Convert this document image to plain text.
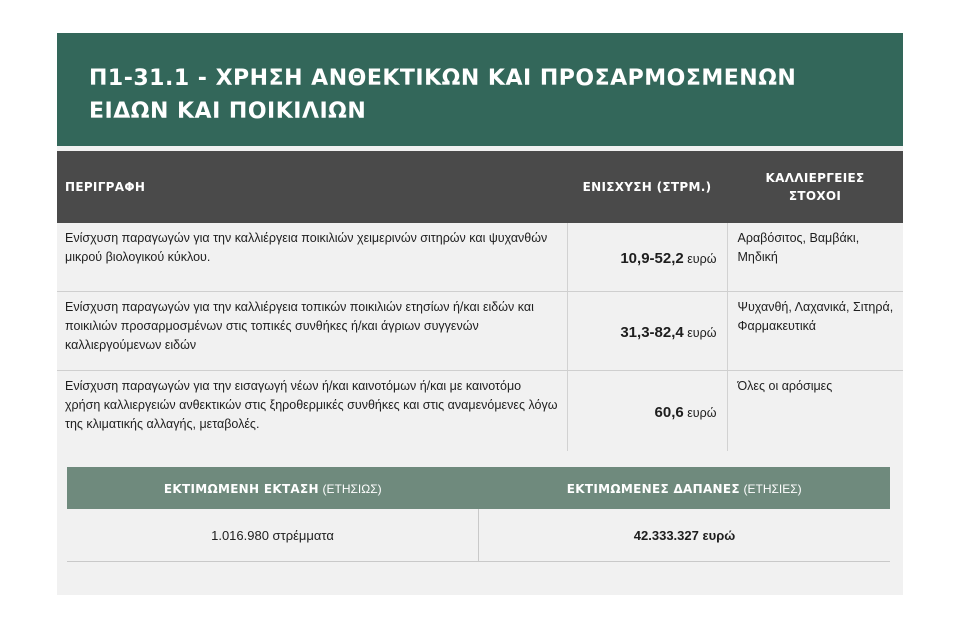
Π1-31.1 - ΧΡΗΣΗ ΑΝΘΕΚΤΙΚΩΝ ΚΑΙ ΠΡΟΣΑΡΜΟΣΜΕΝΩΝ ΕΙΔΩΝ ΚΑΙ ΠΟΙΚΙΛΙΩΝ
ΠΕΡΙΓΡΑΦΗ	ΕΝΙΣΧΥΣΗ (ΣΤΡΜ.)	ΚΑΛΛΙΕΡΓΕΙΕΣ
ΣΤΟΧΟΙ
Ενίσχυση παραγωγών για την καλλιέργεια ποικιλιών χειμερινών σιτηρών και ψυχανθών μικρού βιολογικού κύκλου.	10,9-52,2 ευρώ	Αραβόσιτος, Βαμβάκι, Μηδική
Ενίσχυση παραγωγών για την καλλιέργεια τοπικών ποικιλιών ετησίων ή/και ειδών και ποικιλιών προσαρμοσμένων στις τοπικές συνθήκες ή/και άγριων συγγενών καλλιεργούμενων ειδών	31,3-82,4 ευρώ	Ψυχανθή, Λαχανικά, Σιτηρά, Φαρμακευτικά
Ενίσχυση παραγωγών για την εισαγωγή νέων ή/και καινοτόμων ή/και με καινοτόμο χρήση καλλιεργειών ανθεκτικών στις ξηροθερμικές συνθήκες και στις αναμενόμενες λόγω της κλιματικής αλλαγής, μεταβολές.	60,6 ευρώ	Όλες οι αρόσιμες
ΕΚΤΙΜΩΜΕΝΗ ΕΚΤΑΣΗ (ΕΤΗΣΙΩΣ)	ΕΚΤΙΜΩΜΕΝΕΣ ΔΑΠΑΝΕΣ (ΕΤΗΣΙΕΣ)
1.016.980 στρέμματα	42.333.327 ευρώ
